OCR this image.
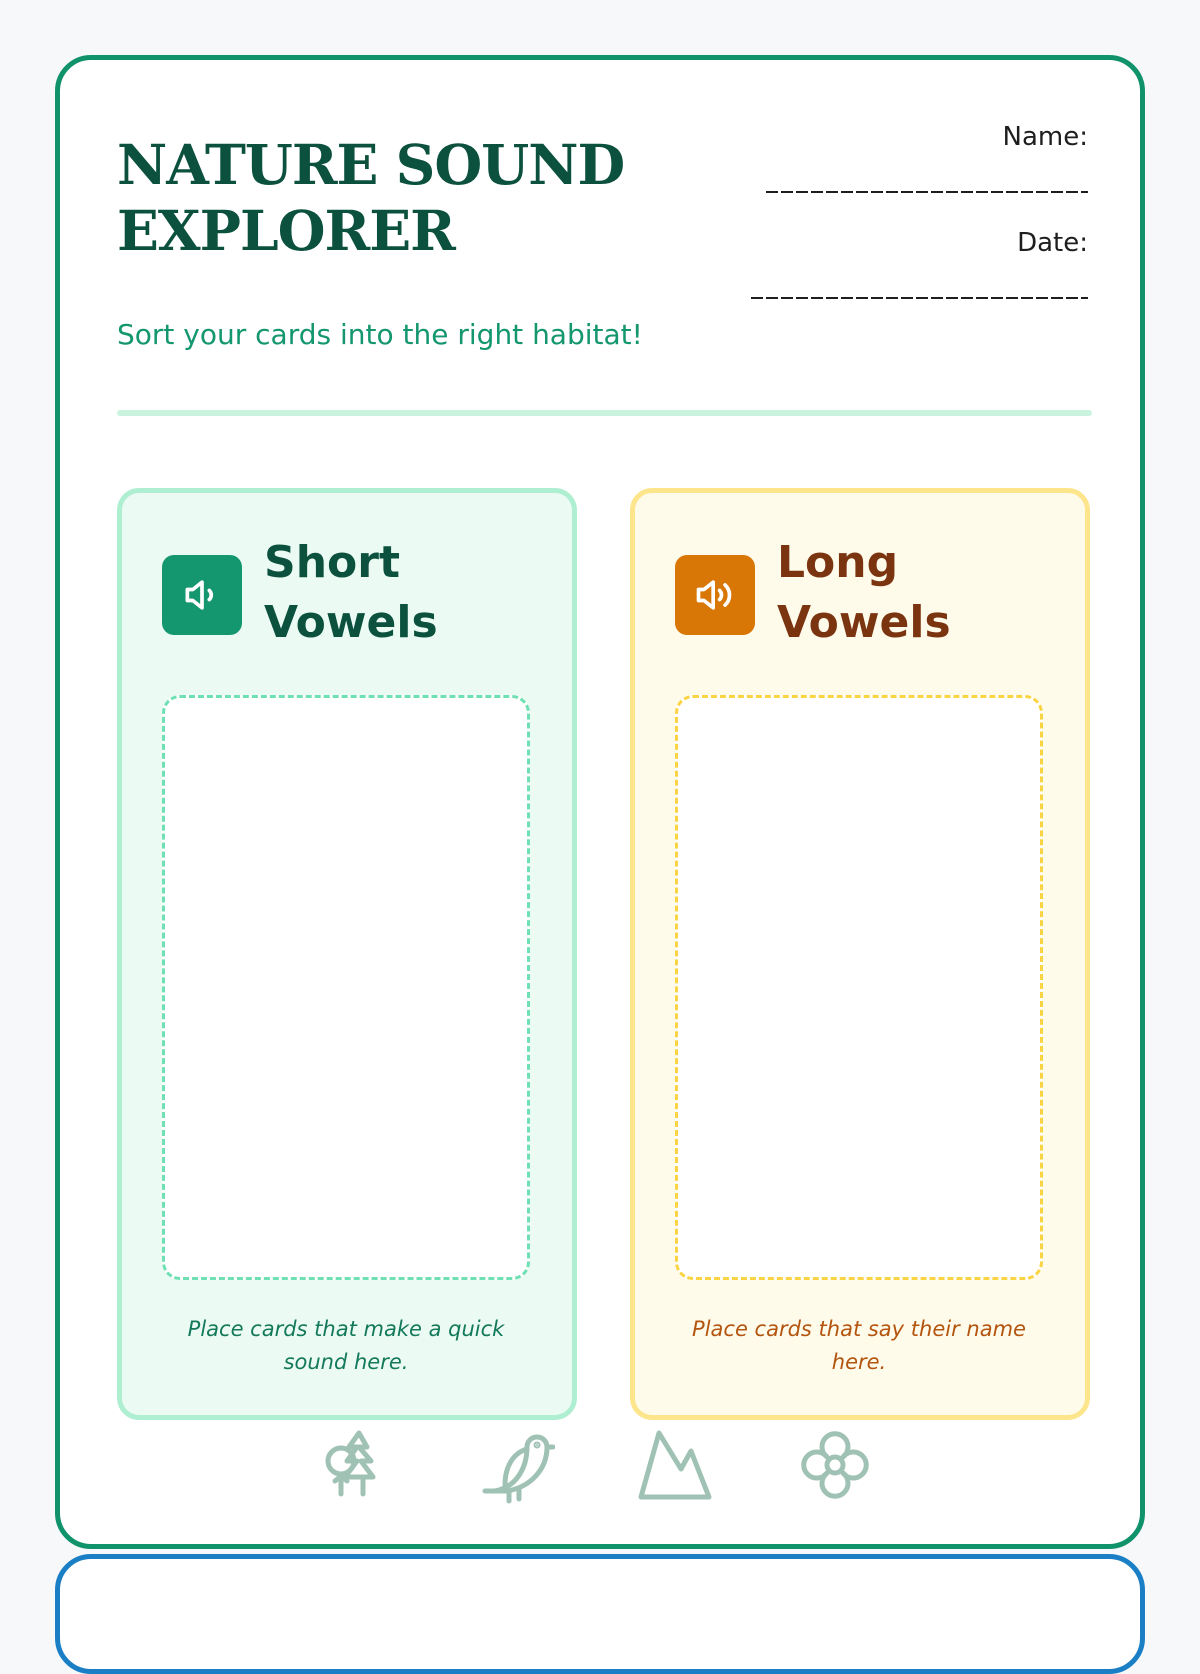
NATURE SOUND
EXPLORER
Sort your cards into the right habitat!
Name:
Date:
Short
Vowels
Place cards that make a quick sound here.
Long
Vowels
Place cards that say their name here.
